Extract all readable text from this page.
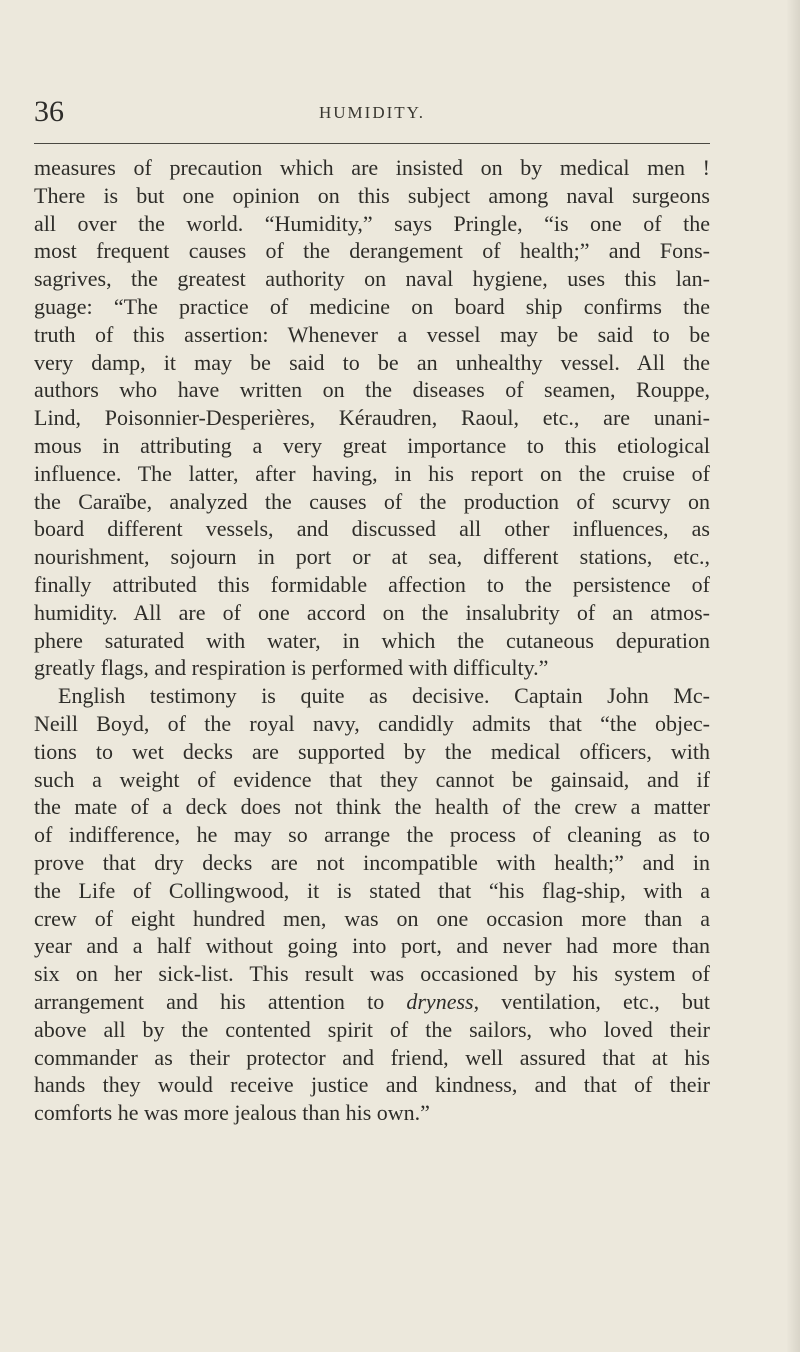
36	HUMIDITY.

measures of precaution which are insisted on by medical men !
There is but one opinion on this subject among naval surgeons
all over the world. “Humidity,” says Pringle, “is one of the
most frequent causes of the derangement of health;” and Fons-
sagrives, the greatest authority on naval hygiene, uses this lan-
guage: “The practice of medicine on board ship confirms the
truth of this assertion: Whenever a vessel may be said to be
very damp, it may be said to be an unhealthy vessel. All the
authors who have written on the diseases of seamen, Rouppe,
Lind, Poisonnier-Desperières, Kéraudren, Raoul, etc., are unani-
mous in attributing a very great importance to this etiological
influence. The latter, after having, in his report on the cruise of
the Caraïbe, analyzed the causes of the production of scurvy on
board different vessels, and discussed all other influences, as
nourishment, sojourn in port or at sea, different stations, etc.,
finally attributed this formidable affection to the persistence of
humidity. All are of one accord on the insalubrity of an atmos-
phere saturated with water, in which the cutaneous depuration
greatly flags, and respiration is performed with difficulty.”

English testimony is quite as decisive. Captain John Mc-
Neill Boyd, of the royal navy, candidly admits that “the objec-
tions to wet decks are supported by the medical officers, with
such a weight of evidence that they cannot be gainsaid, and if
the mate of a deck does not think the health of the crew a matter
of indifference, he may so arrange the process of cleaning as to
prove that dry decks are not incompatible with health;” and in
the Life of Collingwood, it is stated that “his flag-ship, with a
crew of eight hundred men, was on one occasion more than a
year and a half without going into port, and never had more than
six on her sick-list. This result was occasioned by his system of
arrangement and his attention to dryness, ventilation, etc., but
above all by the contented spirit of the sailors, who loved their
commander as their protector and friend, well assured that at his
hands they would receive justice and kindness, and that of their
comforts he was more jealous than his own.”
